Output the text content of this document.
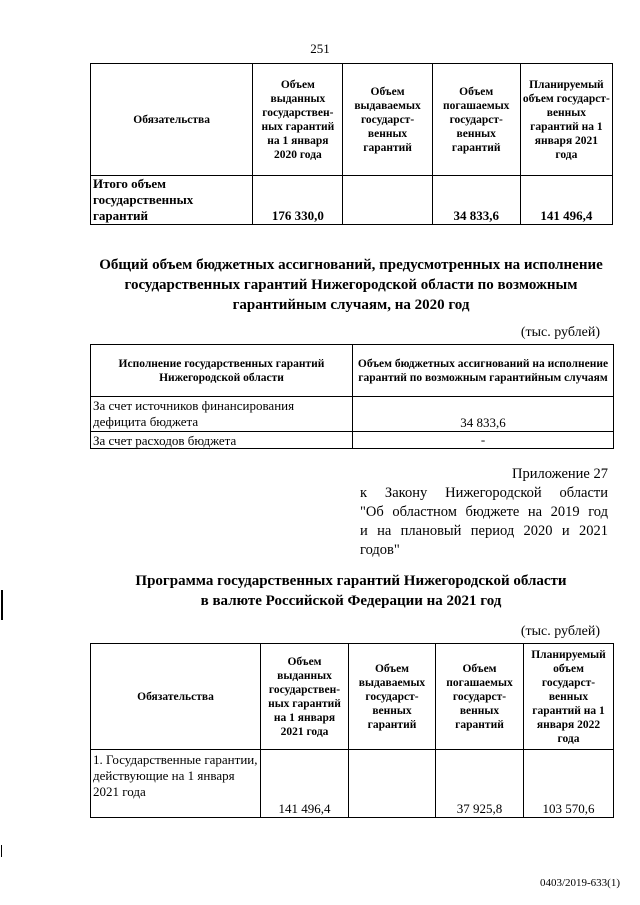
251
Обязательства	Объем выданных государствен- ных гарантий на 1 января 2020 года	Объем выдаваемых государст- венных гарантий	Объем погашаемых государст- венных гарантий	Планируемый объем государст- венных гарантий на 1 января 2021 года
Итого объем государственных гарантий	176 330,0		34 833,6	141 496,4
Общий объем бюджетных ассигнований, предусмотренных на исполнение государственных гарантий Нижегородской области по возможным гарантийным случаям, на 2020 год
(тыс. рублей)
Исполнение государственных гарантий Нижегородской области	Объем бюджетных ассигнований на исполнение гарантий по возможным гарантийным случаям
За счет источников финансирования дефицита бюджета	34 833,6
За счет расходов бюджета	-
Приложение 27
к Закону Нижегородской области
"Об областном бюджете на 2019 год
и на плановый период 2020 и 2021
годов"
Программа государственных гарантий Нижегородской области
в валюте Российской Федерации на 2021 год
(тыс. рублей)
Обязательства	Объем выданных государствен- ных гарантий на 1 января 2021 года	Объем выдаваемых государст- венных гарантий	Объем погашаемых государст- венных гарантий	Планируемый объем государст- венных гарантий на 1 января 2022 года
1. Государственные гарантии, действующие на 1 января 2021 года	141 496,4		37 925,8	103 570,6
0403/2019-633(1)
